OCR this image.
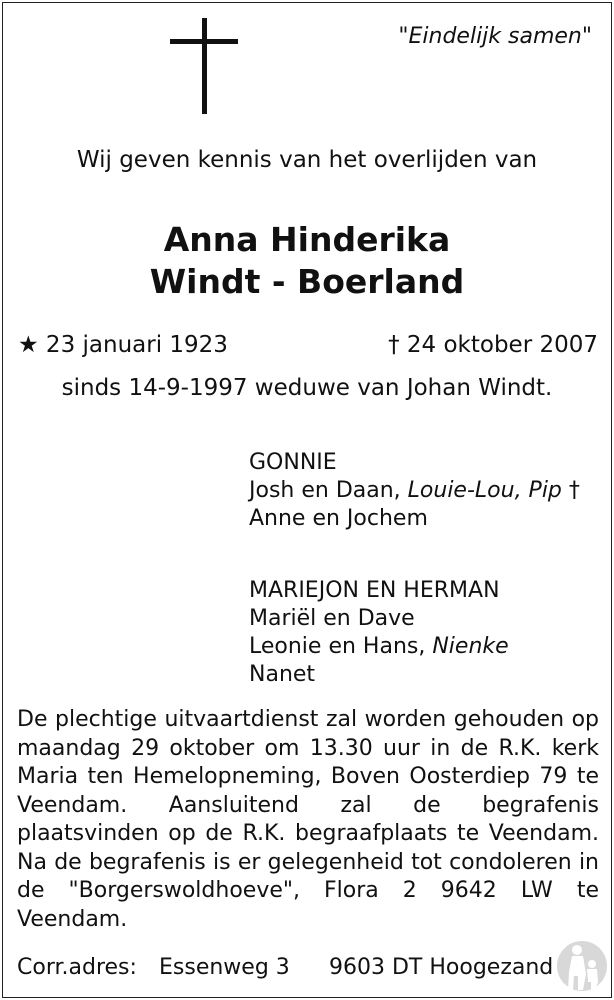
"Eindelijk samen"
Wij geven kennis van het overlijden van
Anna Hinderika
Windt - Boerland
★ 23 januari 1923	† 24 oktober 2007
sinds 14-9-1997 weduwe van Johan Windt.
GONNIE
Josh en Daan, Louie-Lou, Pip †
Anne en Jochem
MARIEJON EN HERMAN
Mariël en Dave
Leonie en Hans, Nienke
Nanet
De plechtige uitvaartdienst zal worden gehouden op maandag 29 oktober om 13.30 uur in de R.K. kerk Maria ten Hemelopneming, Boven Oosterdiep 79 te Veendam. Aansluitend zal de begrafenis plaatsvinden op de R.K. begraafplaats te Veendam. Na de begrafenis is er gelegenheid tot condoleren in de "Borgerswoldhoeve", Flora 2 9642 LW te Veendam.
Corr.adres: Essenweg 3 9603 DT Hoogezand
